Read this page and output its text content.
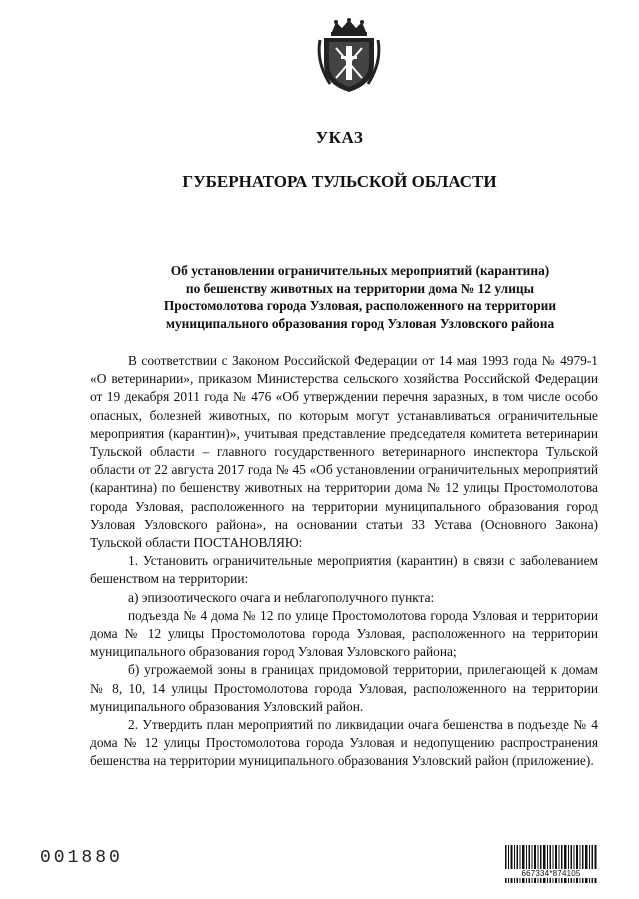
УКАЗ
ГУБЕРНАТОРА ТУЛЬСКОЙ ОБЛАСТИ
Об установлении ограничительных мероприятий (карантина)
по бешенству животных на территории дома № 12 улицы
Простомолотова города Узловая, расположенного на территории
муниципального образования город Узловая Узловского района

В соответствии с Законом Российской Федерации от 14 мая 1993 года № 4979-1 «О ветеринарии», приказом Министерства сельского хозяйства Российской Федерации от 19 декабря 2011 года № 476 «Об утверждении перечня заразных, в том числе особо опасных, болезней животных, по которым могут устанавливаться ограничительные мероприятия (карантин)», учитывая представление председателя комитета ветеринарии Тульской области – главного государственного ветеринарного инспектора Тульской области от 22 августа 2017 года № 45 «Об установлении ограничительных мероприятий (карантина) по бешенству животных на территории дома № 12 улицы Простомолотова города Узловая, расположенного на территории муниципального образования город Узловая Узловского района», на основании статьи 33 Устава (Основного Закона) Тульской области ПОСТАНОВЛЯЮ:

1. Установить ограничительные мероприятия (карантин) в связи с заболеванием бешенством на территории:

а) эпизоотического очага и неблагополучного пункта:

подъезда № 4 дома № 12 по улице Простомолотова города Узловая и территории дома № 12 улицы Простомолотова города Узловая, расположенного на территории муниципального образования город Узловая Узловского района;

б) угрожаемой зоны в границах придомовой территории, прилегающей к домам № 8, 10, 14 улицы Простомолотова города Узловая, расположенного на территории муниципального образования Узловский район.

2. Утвердить план мероприятий по ликвидации очага бешенства в подъезде № 4 дома № 12 улицы Простомолотова города Узловая и недопущению распространения бешенства на территории муниципального образования Узловский район (приложение).

001880
667334*874105
